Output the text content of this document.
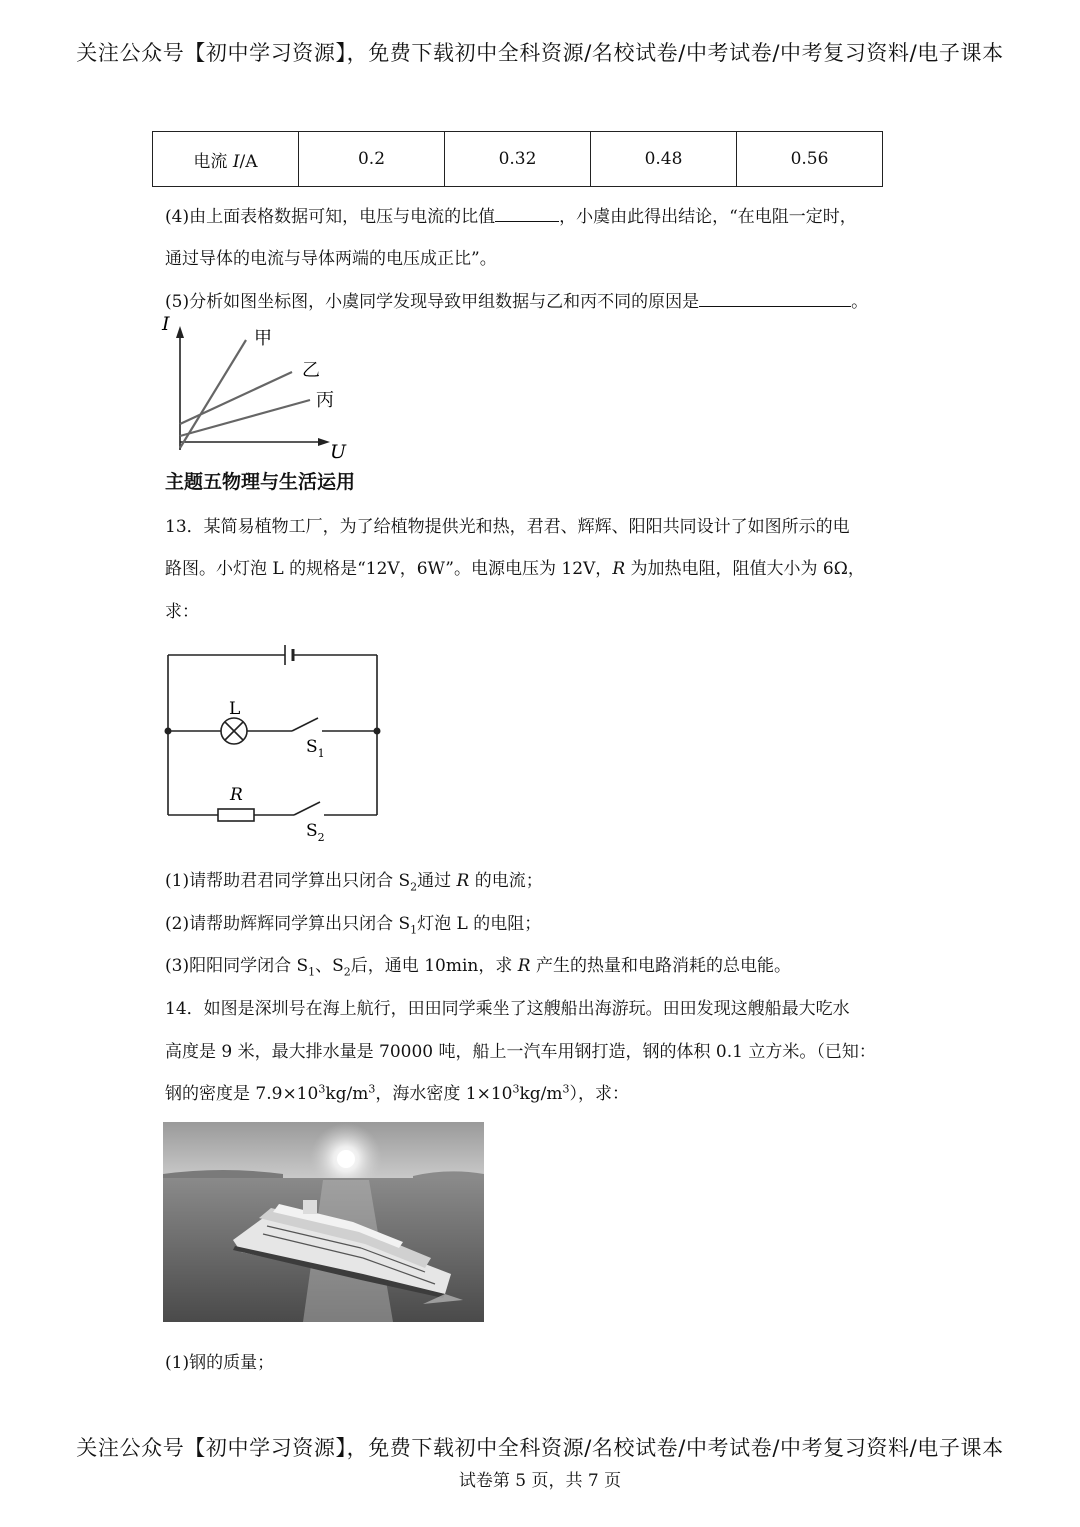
关注公众号【初中学习资源】，免费下载初中全科资源/名校试卷/中考试卷/中考复习资料/电子课本
电流 I/A	0.2	0.32	0.48	0.56
(4)由上面表格数据可知，电压与电流的比值	，小虞由此得出结论，“在电阻一定时，
通过导体的电流与导体两端的电压成正比”。
(5)分析如图坐标图，小虞同学发现导致甲组数据与乙和丙不同的原因是	。
I
U
甲
乙
丙
主题五物理与生活运用
13．某简易植物工厂，为了给植物提供光和热，君君、辉辉、阳阳共同设计了如图所示的电
路图。小灯泡 L 的规格是“12V，6W”。电源电压为 12V，R 为加热电阻，阻值大小为 6Ω，
求：
L
$S_1$
R
$S_2$
(1)请帮助君君同学算出只闭合 $S_2$通过 R 的电流；
(2)请帮助辉辉同学算出只闭合 $S_1$灯泡 L 的电阻；
(3)阳阳同学闭合 $S_1$、$S_2$后，通电 10min，求 R 产生的热量和电路消耗的总电能。
14．如图是深圳号在海上航行，田田同学乘坐了这艘船出海游玩。田田发现这艘船最大吃水
高度是 9 米，最大排水量是 70000 吨，船上一汽车用钢打造，钢的体积 0.1 立方米。（已知：
钢的密度是 $7.9\times 10^3kg/m^3$，海水密度 $1\times 10^3kg/m^3$），求：
(1)钢的质量；
关注公众号【初中学习资源】，免费下载初中全科资源/名校试卷/中考试卷/中考复习资料/电子课本
试卷第 5 页，共 7 页
